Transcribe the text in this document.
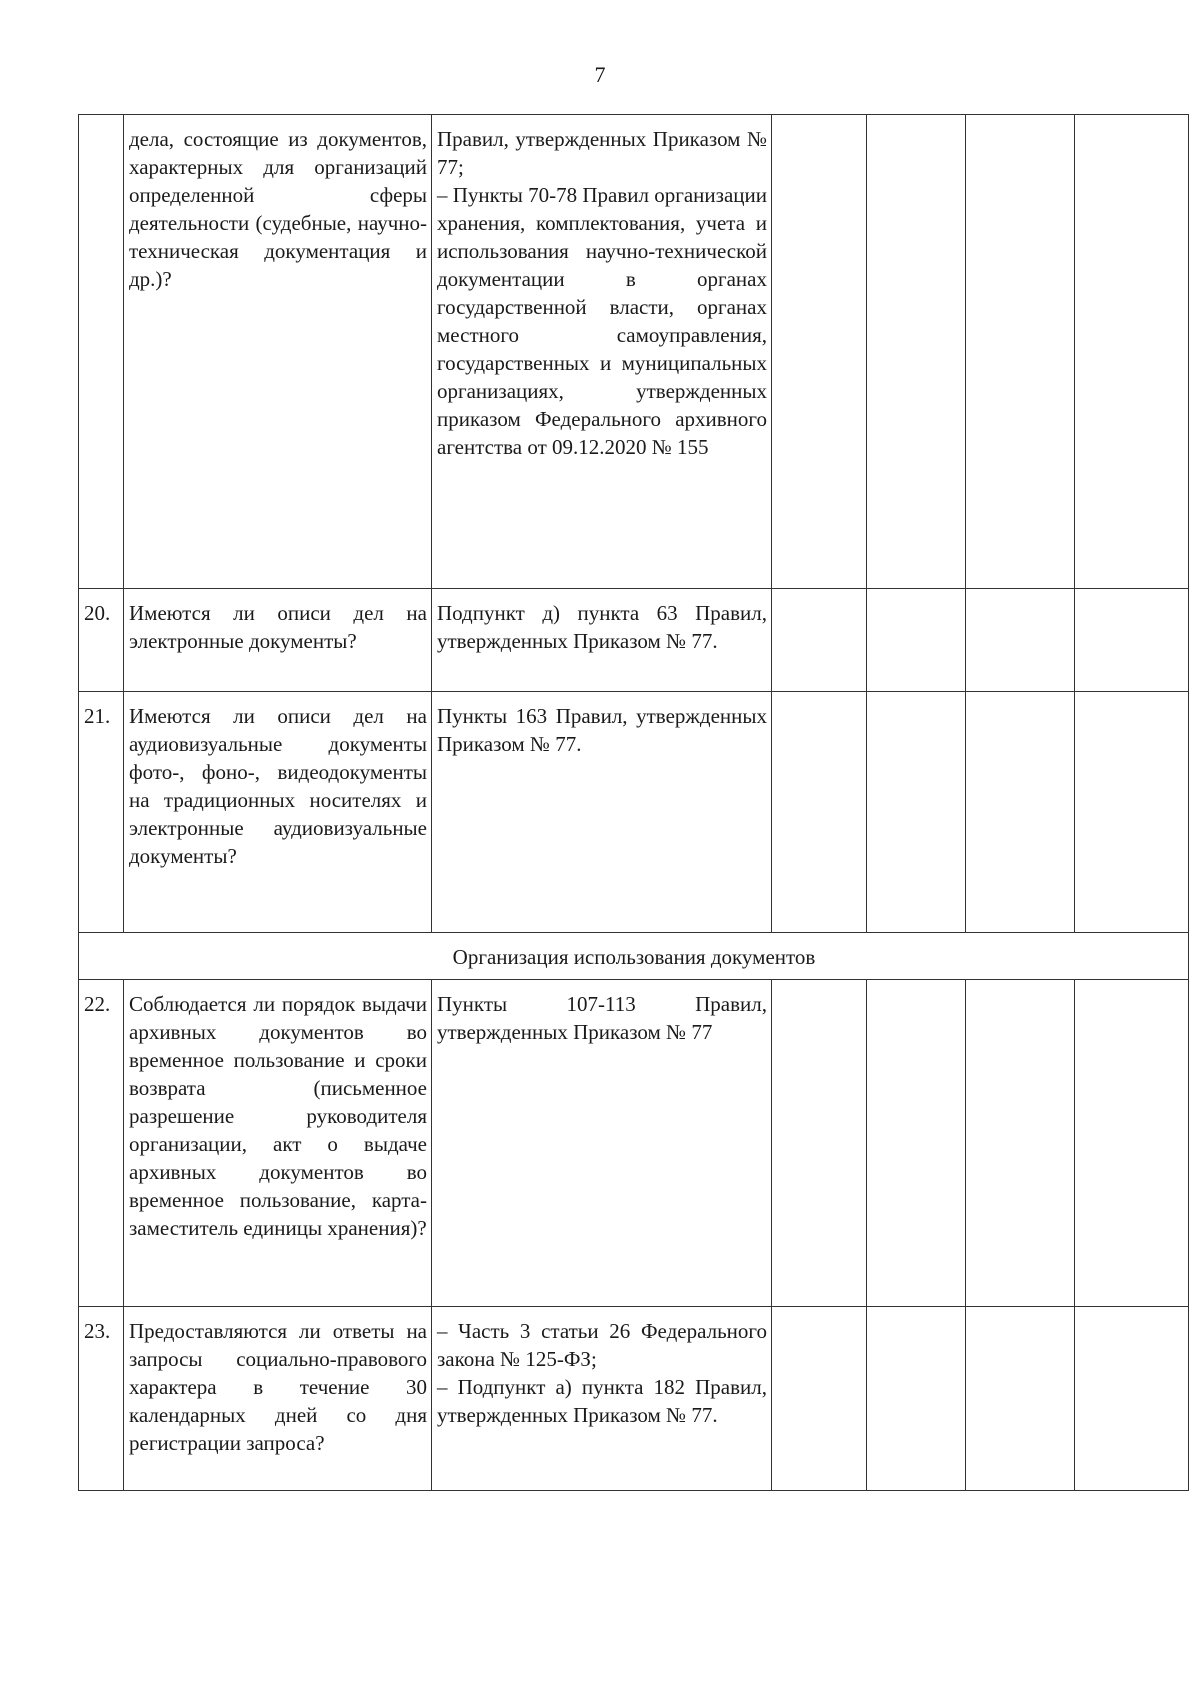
7
	дела, состоящие из документов, характерных для организаций определенной сферы деятельности (судебные, научно-техническая документация и др.)?	Правил, утвержденных Приказом № 77;
– Пункты 70-78 Правил организации хранения, комплектования, учета и использования научно-технической документации в органах государственной власти, органах местного самоуправления, государственных и муниципальных организациях, утвержденных приказом Федерального архивного агентства от 09.12.2020 № 155				
20.	Имеются ли описи дел на электронные документы?	Подпункт д) пункта 63 Правил, утвержденных Приказом № 77.				
21.	Имеются ли описи дел на аудиовизуальные документы фото-, фоно-, видеодокументы на традиционных носителях и электронные аудиовизуальные документы?	Пункты 163 Правил, утвержденных Приказом № 77.				
Организация использования документов						
22.	Соблюдается ли порядок выдачи архивных документов во временное пользование и сроки возврата (письменное разрешение руководителя организации, акт о выдаче архивных документов во временное пользование, карта-заместитель единицы хранения)?	Пункты 107-113 Правил, утвержденных Приказом № 77				
23.	Предоставляются ли ответы на запросы социально-правового характера в течение 30 календарных дней со дня регистрации запроса?	– Часть 3 статьи 26 Федерального закона № 125-ФЗ;
– Подпункт а) пункта 182 Правил, утвержденных Приказом № 77.				
